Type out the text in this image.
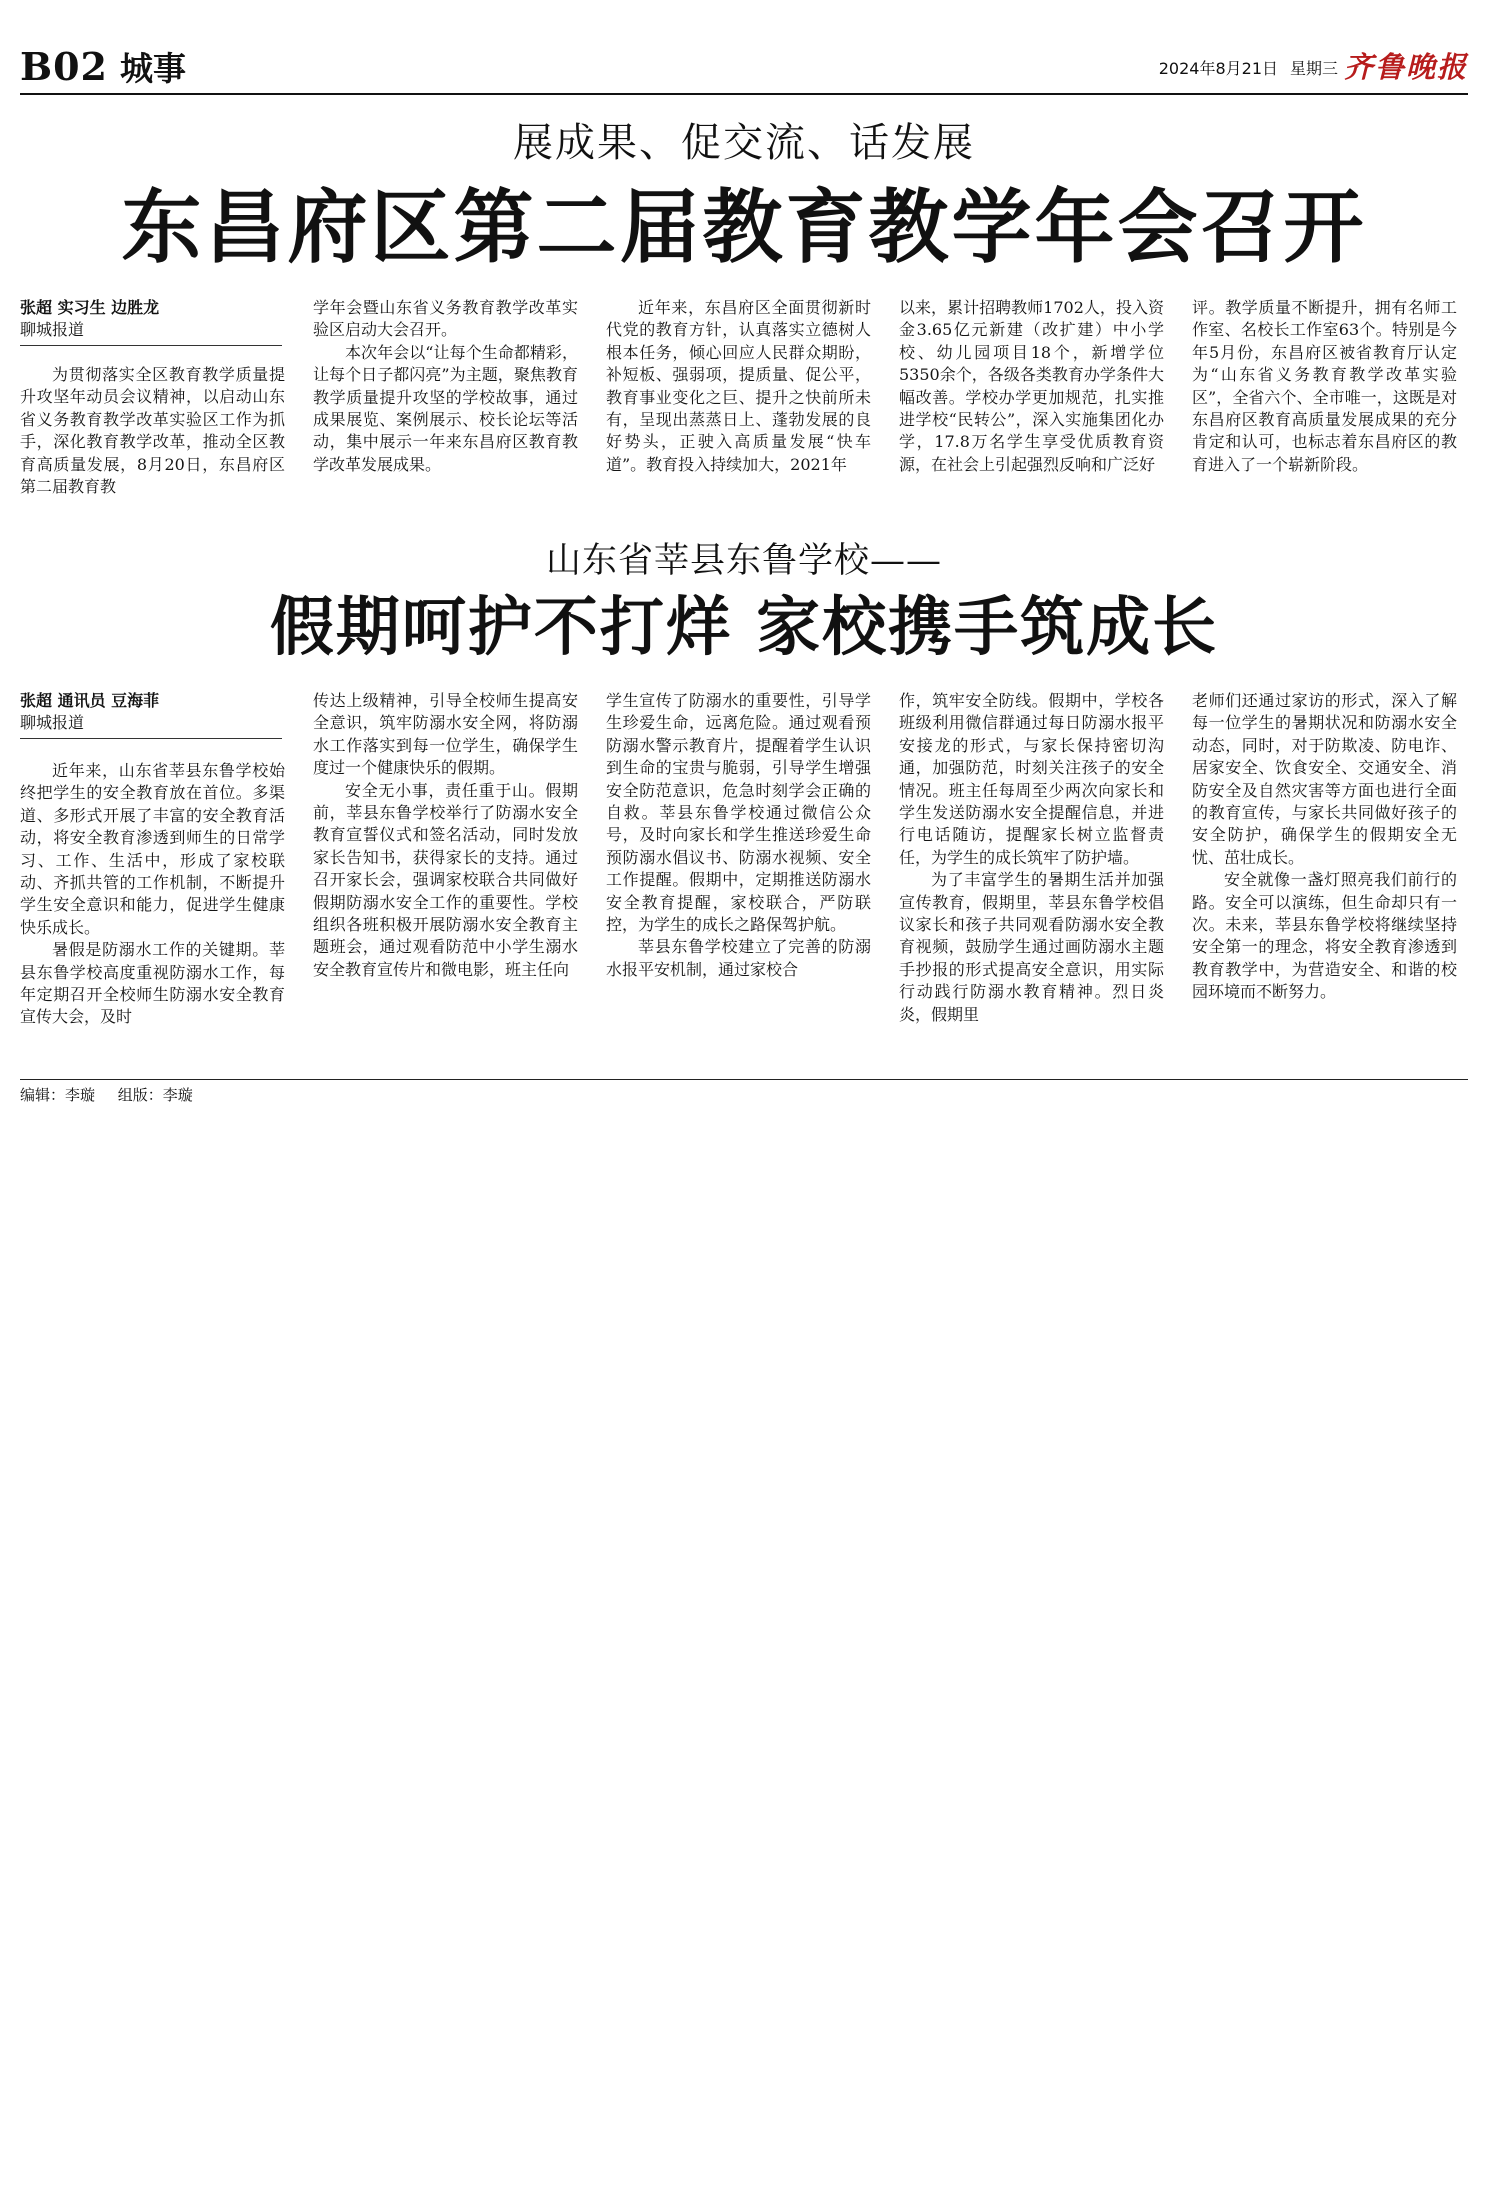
B02 城事	2024年8月21日 星期三 齐鲁晚报
展成果、促交流、话发展
东昌府区第二届教育教学年会召开
张超 实习生 边胜龙
聊城报道

为贯彻落实全区教育教学质量提升攻坚年动员会议精神，以启动山东省义务教育教学改革实验区工作为抓手，深化教育教学改革，推动全区教育高质量发展，8月20日，东昌府区第二届教育教

学年会暨山东省义务教育教学改革实验区启动大会召开。

本次年会以“让每个生命都精彩，让每个日子都闪亮”为主题，聚焦教育教学质量提升攻坚的学校故事，通过成果展览、案例展示、校长论坛等活动，集中展示一年来东昌府区教育教学改革发展成果。

近年来，东昌府区全面贯彻新时代党的教育方针，认真落实立德树人根本任务，倾心回应人民群众期盼，补短板、强弱项，提质量、促公平，教育事业变化之巨、提升之快前所未有，呈现出蒸蒸日上、蓬勃发展的良好势头，正驶入高质量发展“快车道”。教育投入持续加大，2021年

以来，累计招聘教师1702人，投入资金3.65亿元新建（改扩建）中小学校、幼儿园项目18个，新增学位5350余个，各级各类教育办学条件大幅改善。学校办学更加规范，扎实推进学校“民转公”，深入实施集团化办学，17.8万名学生享受优质教育资源，在社会上引起强烈反响和广泛好

评。教学质量不断提升，拥有名师工作室、名校长工作室63个。特别是今年5月份，东昌府区被省教育厅认定为“山东省义务教育教学改革实验区”，全省六个、全市唯一，这既是对东昌府区教育高质量发展成果的充分肯定和认可，也标志着东昌府区的教育进入了一个崭新阶段。

山东省莘县东鲁学校——
假期呵护不打烊 家校携手筑成长
张超 通讯员 豆海菲
聊城报道

近年来，山东省莘县东鲁学校始终把学生的安全教育放在首位。多渠道、多形式开展了丰富的安全教育活动，将安全教育渗透到师生的日常学习、工作、生活中，形成了家校联动、齐抓共管的工作机制，不断提升学生安全意识和能力，促进学生健康快乐成长。

暑假是防溺水工作的关键期。莘县东鲁学校高度重视防溺水工作，每年定期召开全校师生防溺水安全教育宣传大会，及时

传达上级精神，引导全校师生提高安全意识，筑牢防溺水安全网，将防溺水工作落实到每一位学生，确保学生度过一个健康快乐的假期。

安全无小事，责任重于山。假期前，莘县东鲁学校举行了防溺水安全教育宣誓仪式和签名活动，同时发放家长告知书，获得家长的支持。通过召开家长会，强调家校联合共同做好假期防溺水安全工作的重要性。学校组织各班积极开展防溺水安全教育主题班会，通过观看防范中小学生溺水安全教育宣传片和微电影，班主任向

学生宣传了防溺水的重要性，引导学生珍爱生命，远离危险。通过观看预防溺水警示教育片，提醒着学生认识到生命的宝贵与脆弱，引导学生增强安全防范意识，危急时刻学会正确的自救。莘县东鲁学校通过微信公众号，及时向家长和学生推送珍爱生命预防溺水倡议书、防溺水视频、安全工作提醒。假期中，定期推送防溺水安全教育提醒，家校联合，严防联控，为学生的成长之路保驾护航。

莘县东鲁学校建立了完善的防溺水报平安机制，通过家校合

作，筑牢安全防线。假期中，学校各班级利用微信群通过每日防溺水报平安接龙的形式，与家长保持密切沟通，加强防范，时刻关注孩子的安全情况。班主任每周至少两次向家长和学生发送防溺水安全提醒信息，并进行电话随访，提醒家长树立监督责任，为学生的成长筑牢了防护墙。

为了丰富学生的暑期生活并加强宣传教育，假期里，莘县东鲁学校倡议家长和孩子共同观看防溺水安全教育视频，鼓励学生通过画防溺水主题手抄报的形式提高安全意识，用实际行动践行防溺水教育精神。烈日炎炎，假期里

老师们还通过家访的形式，深入了解每一位学生的暑期状况和防溺水安全动态，同时，对于防欺凌、防电诈、居家安全、饮食安全、交通安全、消防安全及自然灾害等方面也进行全面的教育宣传，与家长共同做好孩子的安全防护，确保学生的假期安全无忧、茁壮成长。

安全就像一盏灯照亮我们前行的路。安全可以演练，但生命却只有一次。未来，莘县东鲁学校将继续坚持安全第一的理念，将安全教育渗透到教育教学中，为营造安全、和谐的校园环境而不断努力。

编辑：李璇 组版：李璇
